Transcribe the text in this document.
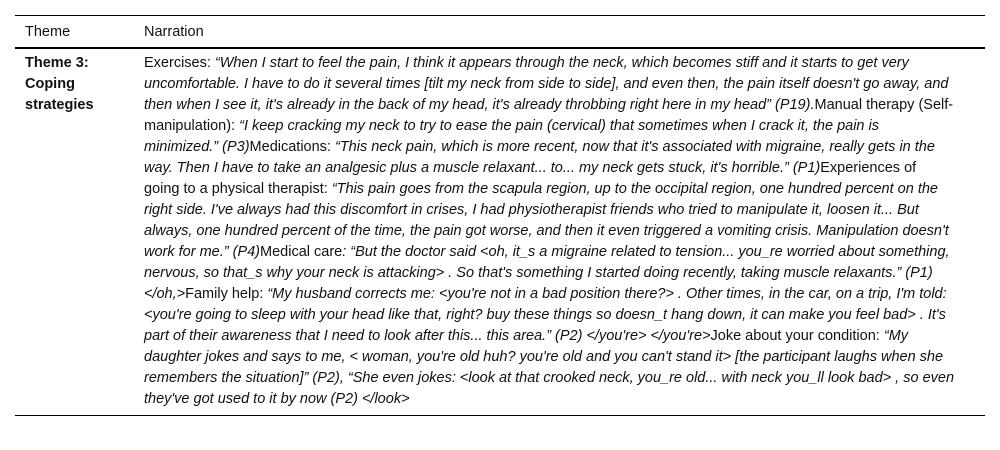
Theme	Narration
Theme 3: Coping strategies	Exercises: “When I start to feel the pain, I think it appears through the neck, which becomes stiff and it starts to get very uncomfortable. I have to do it several times [tilt my neck from side to side], and even then, the pain itself doesn't go away, and then when I see it, it's already in the back of my head, it's already throbbing right here in my head” (P19).Manual therapy (Self-manipulation): “I keep cracking my neck to try to ease the pain (cervical) that sometimes when I crack it, the pain is minimized.” (P3)Medications: “This neck pain, which is more recent, now that it's associated with migraine, really gets in the way. Then I have to take an analgesic plus a muscle relaxant... to... my neck gets stuck, it's horrible.” (P1)Experiences of going to a physical therapist: “This pain goes from the scapula region, up to the occipital region, one hundred percent on the right side. I've always had this discomfort in crises, I had physiotherapist friends who tried to manipulate it, loosen it... But always, one hundred percent of the time, the pain got worse, and then it even triggered a vomiting crisis. Manipulation doesn't work for me.” (P4)Medical care: “But the doctor said <oh, it_s a migraine related to tension... you_re worried about something, nervous, so that_s why your neck is attacking> . So that's something I started doing recently, taking muscle relaxants.” (P1) </oh,>Family help: “My husband corrects me: <you're not in a bad position there?> . Other times, in the car, on a trip, I'm told: <you're going to sleep with your head like that, right? buy these things so doesn_t hang down, it can make you feel bad> . It's part of their awareness that I need to look after this... this area.” (P2) </you're> </you're>Joke about your condition: “My daughter jokes and says to me, < woman, you're old huh? you're old and you can't stand it> [the participant laughs when she remembers the situation]” (P2), “She even jokes: <look at that crooked neck, you_re old... with neck you_ll look bad> , so even they've got used to it by now (P2) </look>
